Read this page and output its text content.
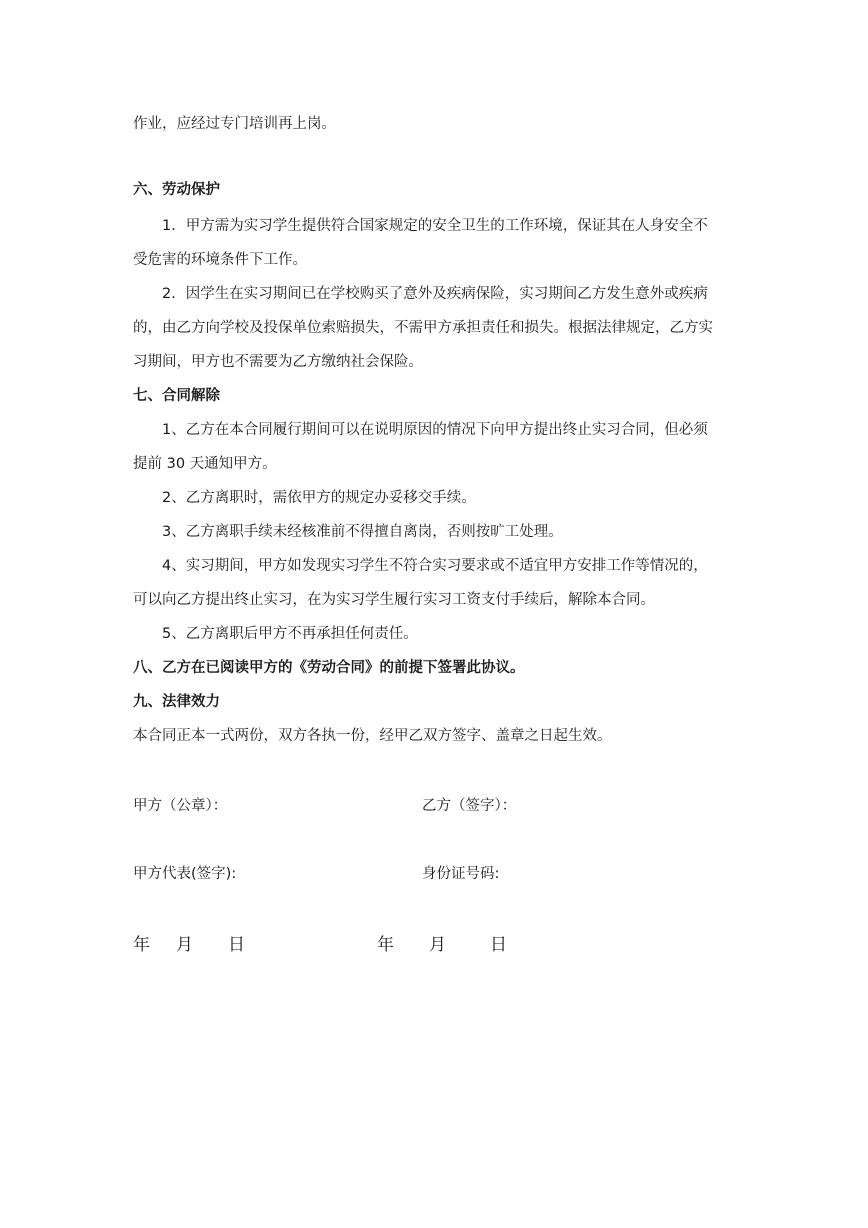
作业，应经过专门培训再上岗。
六、劳动保护
1．甲方需为实习学生提供符合国家规定的安全卫生的工作环境，保证其在人身安全不
受危害的环境条件下工作。
2．因学生在实习期间已在学校购买了意外及疾病保险，实习期间乙方发生意外或疾病
的，由乙方向学校及投保单位索赔损失，不需甲方承担责任和损失。根据法律规定，乙方实
习期间，甲方也不需要为乙方缴纳社会保险。
七、合同解除
1、乙方在本合同履行期间可以在说明原因的情况下向甲方提出终止实习合同，但必须
提前 30 天通知甲方。
2、乙方离职时，需依甲方的规定办妥移交手续。
3、乙方离职手续未经核准前不得擅自离岗，否则按旷工处理。
4、实习期间，甲方如发现实习学生不符合实习要求或不适宜甲方安排工作等情况的，
可以向乙方提出终止实习，在为实习学生履行实习工资支付手续后，解除本合同。
5、乙方离职后甲方不再承担任何责任。
八、乙方在已阅读甲方的《劳动合同》的前提下签署此协议。
九、法律效力
本合同正本一式两份，双方各执一份，经甲乙双方签字、盖章之日起生效。
甲方（公章）：	乙方（签字）：
甲方代表(签字):	身份证号码:
年 月 日	年 月	日
